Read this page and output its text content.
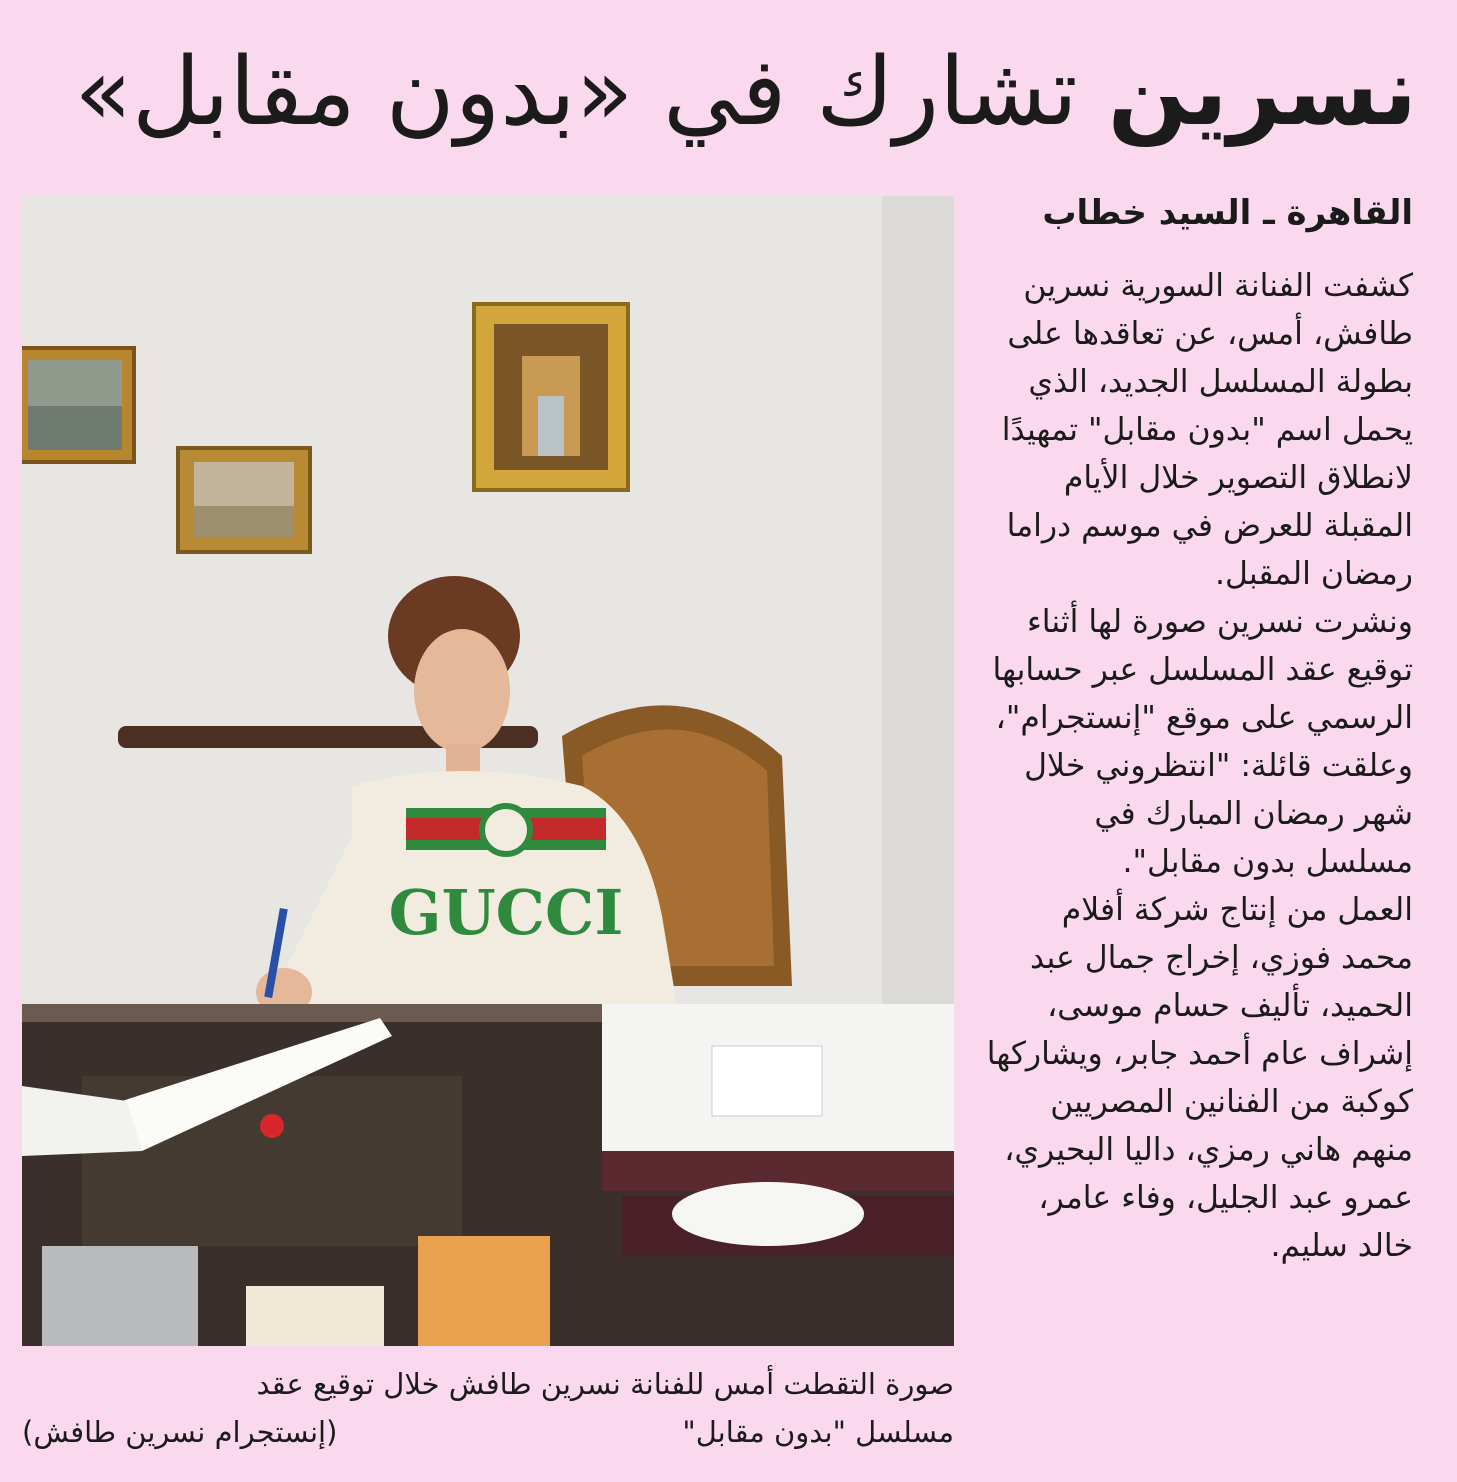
نسرين تشارك في «بدون مقابل»
القاهرة ـ السيد خطاب

كشفت الفنانة السورية نسرين طافش، أمس، عن تعاقدها على بطولة المسلسل الجديد، الذي يحمل اسم "بدون مقابل" تمهيدًا لانطلاق التصوير خلال الأيام المقبلة للعرض في موسم دراما رمضان المقبل.

ونشرت نسرين صورة لها أثناء توقيع عقد المسلسل عبر حسابها الرسمي على موقع "إنستجرام"، وعلقت قائلة: "انتظروني خلال شهر رمضان المبارك في مسلسل بدون مقابل".

العمل من إنتاج شركة أفلام محمد فوزي، إخراج جمال عبد الحميد، تأليف حسام موسى، إشراف عام أحمد جابر، ويشاركها كوكبة من الفنانين المصريين منهم هاني رمزي، داليا البحيري، عمرو عبد الجليل، وفاء عامر، خالد سليم.

GUCCI
صورة التقطت أمس للفنانة نسرين طافش خلال توقيع عقد
مسلسل "بدون مقابل"
(إنستجرام نسرين طافش)
